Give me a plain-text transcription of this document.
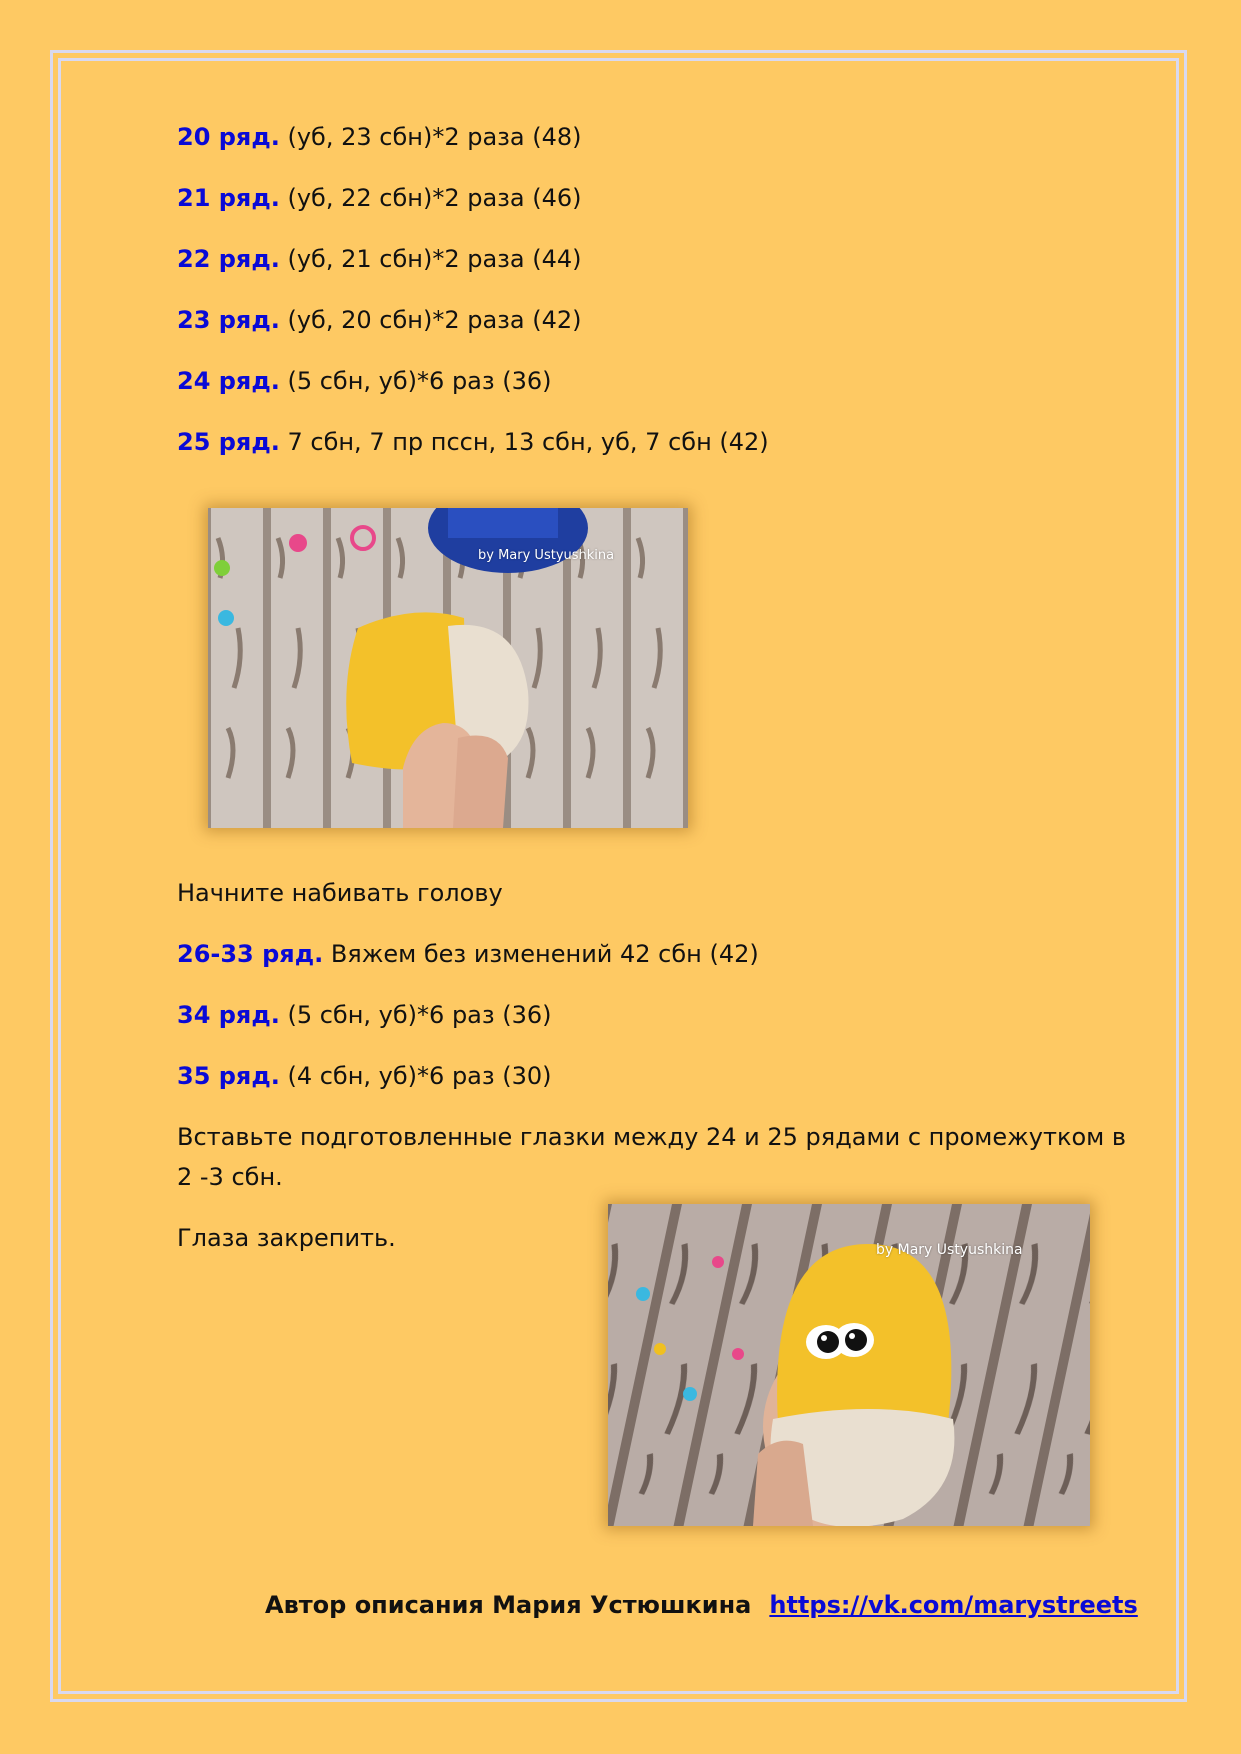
20 ряд. (уб, 23 сбн)*2 раза (48)
21 ряд. (уб, 22 сбн)*2 раза (46)
22 ряд. (уб, 21 сбн)*2 раза (44)
23 ряд. (уб, 20 сбн)*2 раза (42)
24 ряд. (5 сбн, уб)*6 раз (36)
25 ряд. 7 сбн, 7 пр пссн, 13 сбн, уб, 7 сбн (42)
by Mary Ustyushkina
Начните набивать голову
26-33 ряд. Вяжем без изменений 42 сбн (42)
34 ряд. (5 сбн, уб)*6 раз (36)
35 ряд. (4 сбн, уб)*6 раз (30)
Вставьте подготовленные глазки между 24 и 25 рядами с промежутком в 2 -3 сбн.
Глаза закрепить.	by Mary Ustyushkina
Автор описания Мария Устюшкина https://vk.com/marystreets
